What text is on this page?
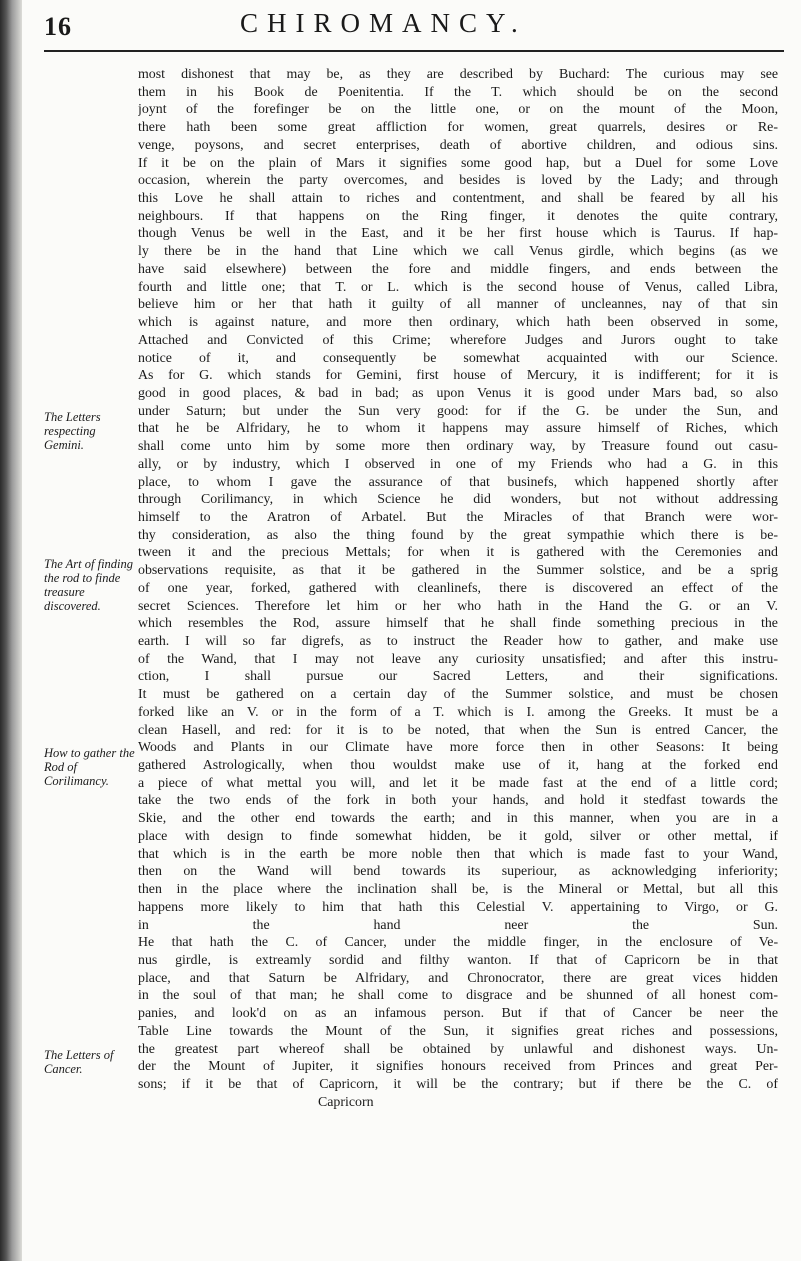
16	CHIROMANCY.
The Letters respecting Gemini.
The Art of finding the rod to finde treasure discovered.
How to gather the Rod of Corilimancy.
The Letters of Cancer.
most dishonest that may be, as they are described by Buchard: The curious may see
them in his Book de Poenitentia. If the T. which should be on the second
joynt of the forefinger be on the little one, or on the mount of the Moon,
there hath been some great affliction for women, great quarrels, desires or Re-
venge, poysons, and secret enterprises, death of abortive children, and odious sins.
If it be on the plain of Mars it signifies some good hap, but a Duel for some Love
occasion, wherein the party overcomes, and besides is loved by the Lady; and through
this Love he shall attain to riches and contentment, and shall be feared by all his
neighbours. If that happens on the Ring finger, it denotes the quite contrary,
though Venus be well in the East, and it be her first house which is Taurus. If hap-
ly there be in the hand that Line which we call Venus girdle, which begins (as we
have said elsewhere) between the fore and middle fingers, and ends between the
fourth and little one; that T. or L. which is the second house of Venus, called Libra,
believe him or her that hath it guilty of all manner of uncleannes, nay of that sin
which is against nature, and more then ordinary, which hath been observed in some,
Attached and Convicted of this Crime; wherefore Judges and Jurors ought to take
notice of it, and consequently be somewhat acquainted with our Science.
As for G. which stands for Gemini, first house of Mercury, it is indifferent; for it is
good in good places, & bad in bad; as upon Venus it is good under Mars bad, so also
under Saturn; but under the Sun very good: for if the G. be under the Sun, and
that he be Alfridary, he to whom it happens may assure himself of Riches, which
shall come unto him by some more then ordinary way, by Treasure found out casu-
ally, or by industry, which I observed in one of my Friends who had a G. in this
place, to whom I gave the assurance of that businefs, which happened shortly after
through Corilimancy, in which Science he did wonders, but not without addressing
himself to the Aratron of Arbatel. But the Miracles of that Branch were wor-
thy consideration, as also the thing found by the great sympathie which there is be-
tween it and the precious Mettals; for when it is gathered with the Ceremonies and
observations requisite, as that it be gathered in the Summer solstice, and be a sprig
of one year, forked, gathered with cleanlinefs, there is discovered an effect of the
secret Sciences. Therefore let him or her who hath in the Hand the G. or an V.
which resembles the Rod, assure himself that he shall finde something precious in the
earth. I will so far digrefs, as to instruct the Reader how to gather, and make use
of the Wand, that I may not leave any curiosity unsatisfied; and after this instru-
ction, I shall pursue our Sacred Letters, and their significations.
It must be gathered on a certain day of the Summer solstice, and must be chosen
forked like an V. or in the form of a T. which is I. among the Greeks. It must be a
clean Hasell, and red: for it is to be noted, that when the Sun is entred Cancer, the
Woods and Plants in our Climate have more force then in other Seasons: It being
gathered Astrologically, when thou wouldst make use of it, hang at the forked end
a piece of what mettal you will, and let it be made fast at the end of a little cord;
take the two ends of the fork in both your hands, and hold it stedfast towards the
Skie, and the other end towards the earth; and in this manner, when you are in a
place with design to finde somewhat hidden, be it gold, silver or other mettal, if
that which is in the earth be more noble then that which is made fast to your Wand,
then on the Wand will bend towards its superiour, as acknowledging inferiority;
then in the place where the inclination shall be, is the Mineral or Mettal, but all this
happens more likely to him that hath this Celestial V. appertaining to Virgo, or G.
in the hand neer the Sun.
He that hath the C. of Cancer, under the middle finger, in the enclosure of Ve-
nus girdle, is extreamly sordid and filthy wanton. If that of Capricorn be in that
place, and that Saturn be Alfridary, and Chronocrator, there are great vices hidden
in the soul of that man; he shall come to disgrace and be shunned of all honest com-
panies, and look'd on as an infamous person. But if that of Cancer be neer the
Table Line towards the Mount of the Sun, it signifies great riches and possessions,
the greatest part whereof shall be obtained by unlawful and dishonest ways. Un-
der the Mount of Jupiter, it signifies honours received from Princes and great Per-
sons; if it be that of Capricorn, it will be the contrary; but if there be the C. of
Capricorn
